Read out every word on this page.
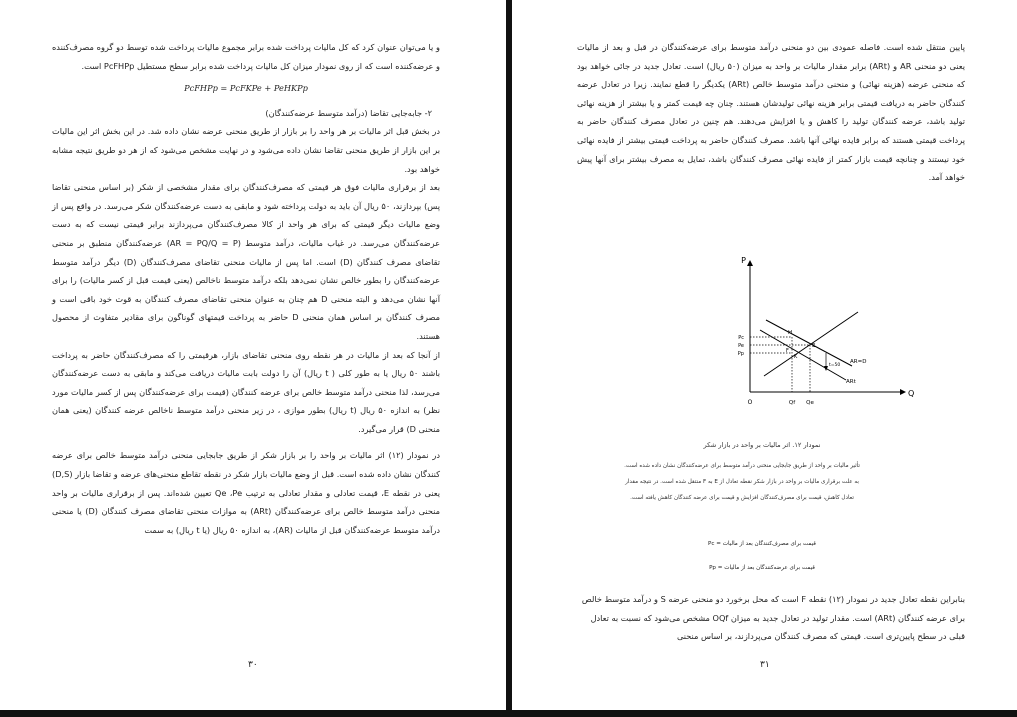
و یا می‌توان عنوان کرد که کل مالیات پرداخت شده برابر مجموع مالیات پرداخت شده توسط دو گروه مصرف‌کننده و عرضه‌کننده است که از روی نمودار میزان کل مالیات پرداخت شده برابر سطح مستطیل PcFHPp است.

PcFHPp = PcFKPe + PeHKPp

۲- جابه‌جایی تقاضا (درآمد متوسط عرضه‌کنندگان)

در بخش قبل اثر مالیات بر هر واحد را بر بازار از طریق منحنی عرضه نشان داده شد. در این بخش اثر این مالیات بر این بازار از طریق منحنی تقاضا نشان داده می‌شود و در نهایت مشخص می‌شود که از هر دو طریق نتیجه مشابه خواهد بود.

بعد از برقراری مالیات فوق هر قیمتی که مصرف‌کنندگان برای مقدار مشخصی از شکر (بر اساس منحنی تقاضا پس) بپردازند، ۵۰ ریال آن باید به دولت پرداخته شود و مابقی به دست عرضه‌کنندگان شکر می‌رسد. در واقع پس از وضع مالیات دیگر قیمتی که برای هر واحد از کالا مصرف‌کنندگان می‌پردازند برابر قیمتی نیست که به دست عرضه‌کنندگان می‌رسد. در غیاب مالیات، درآمد متوسط (AR = PQ/Q = P) عرضه‌کنندگان منطبق بر منحنی تقاضای مصرف کنندگان (D) است. اما پس از مالیات منحنی تقاضای مصرف‌کنندگان (D) دیگر درآمد متوسط عرضه‌کنندگان را بطور خالص نشان نمی‌دهد بلکه درآمد متوسط ناخالص (یعنی قیمت قبل از کسر مالیات) را برای آنها نشان می‌دهد و البته منحنی D هم چنان به عنوان منحنی تقاضای مصرف کنندگان به قوت خود باقی است و مصرف کنندگان بر اساس همان منحنی D حاضر به پرداخت قیمتهای گوناگون برای مقادیر متفاوت از محصول هستند.

از آنجا که بعد از مالیات در هر نقطه روی منحنی تقاضای بازار، هرقیمتی را که مصرف‌کنندگان حاضر به پرداخت باشند ۵۰ ریال یا به طور کلی ( t ریال) آن را دولت بابت مالیات دریافت می‌کند و مابقی به دست عرضه‌کنندگان می‌رسد، لذا منحنی درآمد متوسط خالص برای عرضه کنندگان (قیمت برای عرضه‌کنندگان پس از کسر مالیات مورد نظر) به اندازه ۵۰ ریال (t ریال) بطور موازی ، در زیر منحنی درآمد متوسط ناخالص عرضه کنندگان (یعنی همان منحنی D) قرار می‌گیرد.

در نمودار (۱۲) اثر مالیات بر واحد را بر بازار شکر از طریق جابجایی منحنی درآمد متوسط خالص برای عرضه کنندگان نشان داده شده است. قبل از وضع مالیات بازار شکر در نقطه تقاطع منحنی‌های عرضه و تقاضا بازار (D,S) یعنی در نقطه E، قیمت تعادلی و مقدار تعادلی به ترتیب Qe ،Pe تعیین شده‌اند. پس از برقراری مالیات بر واحد منحنی درآمد متوسط خالص برای عرضه‌کنندگان (ARt) به موازات منحنی تقاضای مصرف کنندگان (D) یا منحنی درآمد متوسط عرضه‌کنندگان قبل از مالیات (AR)، به اندازه ۵۰ ریال (یا t ریال) به سمت

۳۰

پایین منتقل شده است. فاصله عمودی بین دو منحنی درآمد متوسط برای عرضه‌کنندگان در قبل و بعد از مالیات یعنی دو منحنی AR و (ARt) برابر مقدار مالیات بر واحد به میزان (۵۰ ریال) است. تعادل جدید در جائی خواهد بود که منحنی عرضه (هزینه نهائی) و منحنی درآمد متوسط خالص (ARt) یکدیگر را قطع نمایند. زیرا در تعادل عرضه کنندگان حاضر به دریافت قیمتی برابر هزینه نهائی تولیدشان هستند. چنان چه قیمت کمتر و یا بیشتر از هزینه نهائی تولید باشد، عرضه کنندگان تولید را کاهش و یا افزایش می‌دهند. هم چنین در تعادل مصرف کنندگان حاضر به پرداخت قیمتی هستند که برابر فایده نهائی آنها باشد. مصرف کنندگان حاضر به پرداخت قیمتی بیشتر از فایده نهائی خود نیستند و چنانچه قیمت بازار کمتر از فایده نهائی مصرف کنندگان باشد، تمایل به مصرف بیشتر برای آنها پیش خواهد آمد.

P
Q
O
Pc
Pe
Pp
Qf Qe
H
E
F
K
t=50
AR=D
ARt
نمودار ۱۲. اثر مالیات بر واحد در بازار شکر
تأثیر مالیات بر واحد از طریق جابجایی منحنی درآمد متوسط برای عرضه‌کنندگان نشان داده شده است. به علت برقراری مالیات بر واحد در بازار شکر نقطه تعادل از E به F منتقل شده است. در نتیجه مقدار تعادل کاهش، قیمت برای مصرف‌کنندگان افزایش و قیمت برای عرضه کنندگان کاهش یافته است.
قیمت برای مصرف‌کنندگان بعد از مالیات = Pc
قیمت برای عرضه‌کنندگان بعد از مالیات = Pp

بنابراین نقطه تعادل جدید در نمودار (۱۲) نقطه F است که محل برخورد دو منحنی عرضه S و درآمد متوسط خالص برای عرضه کنندگان (ARt) است. مقدار تولید در تعادل جدید به میزان OQf مشخص می‌شود که نسبت به تعادل قبلی در سطح پایین‌تری است. قیمتی که مصرف کنندگان می‌پردازند، بر اساس منحنی

۳۱
